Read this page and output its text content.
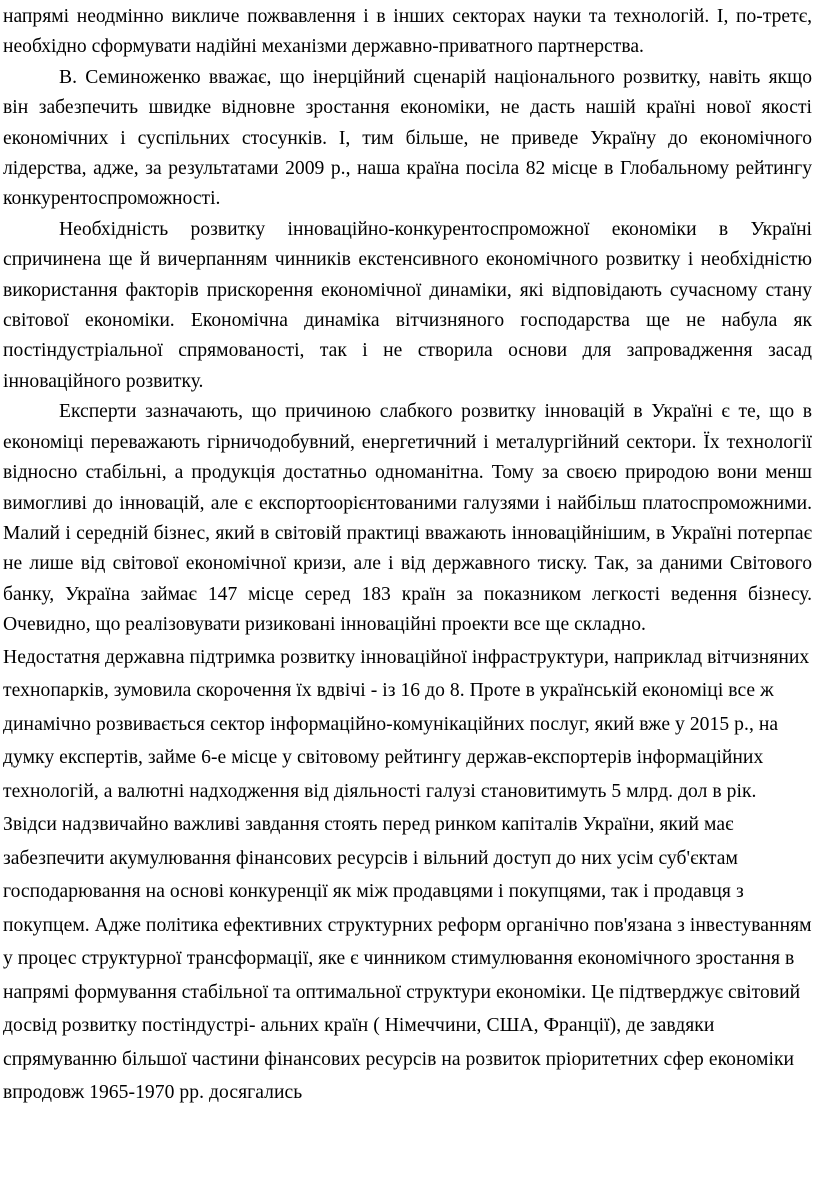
напрямі неодмінно викличе пожвавлення і в інших секторах науки та технологій. І, по-третє, необхідно сформувати надійні механізми державно-приватного партнерства.

В. Семиноженко вважає, що інерційний сценарій національного розвитку, навіть якщо він забезпечить швидке відновне зростання економіки, не дасть нашій країні нової якості економічних і суспільних стосунків. І, тим більше, не приведе Україну до економічного лідерства, адже, за результатами 2009 р., наша країна посіла 82 місце в Глобальному рейтингу конкурентоспроможності.

Необхідність розвитку інноваційно-конкурентоспроможної економіки в Україні спричинена ще й вичерпанням чинників екстенсивного економічного розвитку і необхідністю використання факторів прискорення економічної динаміки, які відповідають сучасному стану світової економіки. Економічна динаміка вітчизняного господарства ще не набула як постіндустріальної спрямованості, так і не створила основи для запровадження засад інноваційного розвитку.

Експерти зазначають, що причиною слабкого розвитку інновацій в Україні є те, що в економіці переважають гірничодобувний, енергетичний і металургійний сектори. Їх технології відносно стабільні, а продукція достатньо одноманітна. Тому за своєю природою вони менш вимогливі до інновацій, але є експортоорієнтованими галузями і найбільш платоспроможними. Малий і середній бізнес, який в світовій практиці вважають інноваційнішим, в Україні потерпає не лише від світової економічної кризи, але і від державного тиску. Так, за даними Світового банку, Україна займає 147 місце серед 183 країн за показником легкості ведення бізнесу. Очевидно, що реалізовувати ризиковані інноваційні проекти все ще складно.

Недостатня державна підтримка розвитку інноваційної інфраструктури, наприклад вітчизняних технопарків, зумовила скорочення їх вдвічі - із 16 до 8. Проте в українській економіці все ж динамічно розвивається сектор інформаційно-комунікаційних послуг, який вже у 2015 р., на думку експертів, займе 6-е місце у світовому рейтингу держав-експортерів інформаційних технологій, а валютні надходження від діяльності галузі становитимуть 5 млрд. дол в рік. Звідси надзвичайно важливі завдання стоять перед ринком капіталів України, який має забезпечити акумулювання фінансових ресурсів і вільний доступ до них усім суб'єктам господарювання на основі конкуренції як між продавцями і покупцями, так і продавця з покупцем. Адже політика ефективних структурних реформ органічно пов'язана з інвестуванням у процес структурної трансформації, яке є чинником стимулювання економічного зростання в напрямі формування стабільної та оптимальної структури економіки. Це підтверджує світовий досвід розвитку постіндустрі- альних країн ( Німеччини, США, Франції), де завдяки спрямуванню більшої частини фінансових ресурсів на розвиток пріоритетних сфер економіки впродовж 1965-1970 рр. досягались
